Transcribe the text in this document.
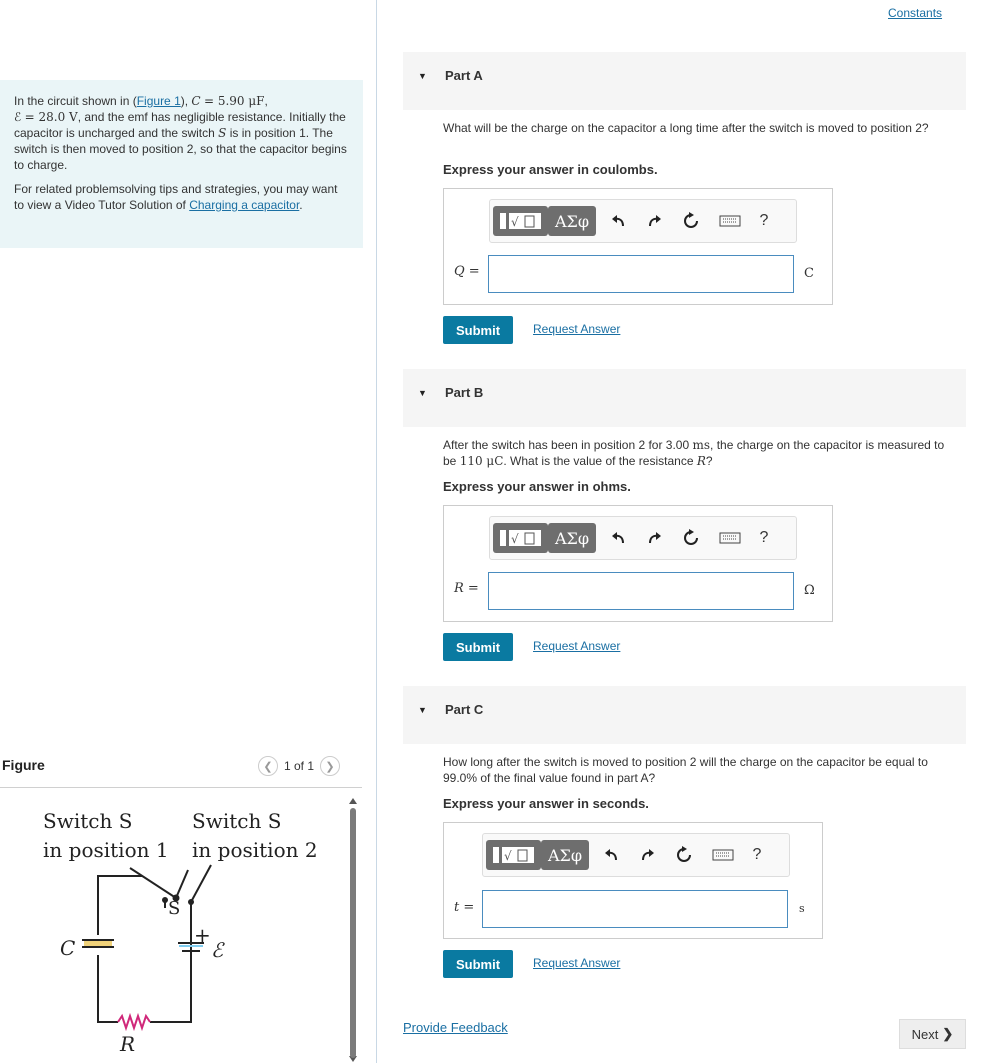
In the circuit shown in (Figure 1), C = 5.90 μF,
ℰ = 28.0 V, and the emf has negligible resistance. Initially the capacitor is uncharged and the switch S is in position 1. The switch is then moved to position 2, so that the capacitor begins to charge.

For related problemsolving tips and strategies, you may want to view a Video Tutor Solution of Charging a capacitor.

Figure	❮ 1 of 1 ❯
Switch S
in position 1
Switch S
in position 2
S
+
ℰ
C
R
Constants
▼ Part A
What will be the charge on the capacitor a long time after the switch is moved to position 2?
Express your answer in coulombs.
√	ΑΣφ	?
Q =	C
Submit	Request Answer
▼ Part B
After the switch has been in position 2 for 3.00 ms, the charge on the capacitor is measured to be 110 μC. What is the value of the resistance R?
Express your answer in ohms.
√	ΑΣφ	?
R =	Ω
Submit	Request Answer
▼ Part C
How long after the switch is moved to position 2 will the charge on the capacitor be equal to 99.0% of the final value found in part A?
Express your answer in seconds.
√	ΑΣφ	?
t =	s
Submit	Request Answer
Provide Feedback	Next ❯
